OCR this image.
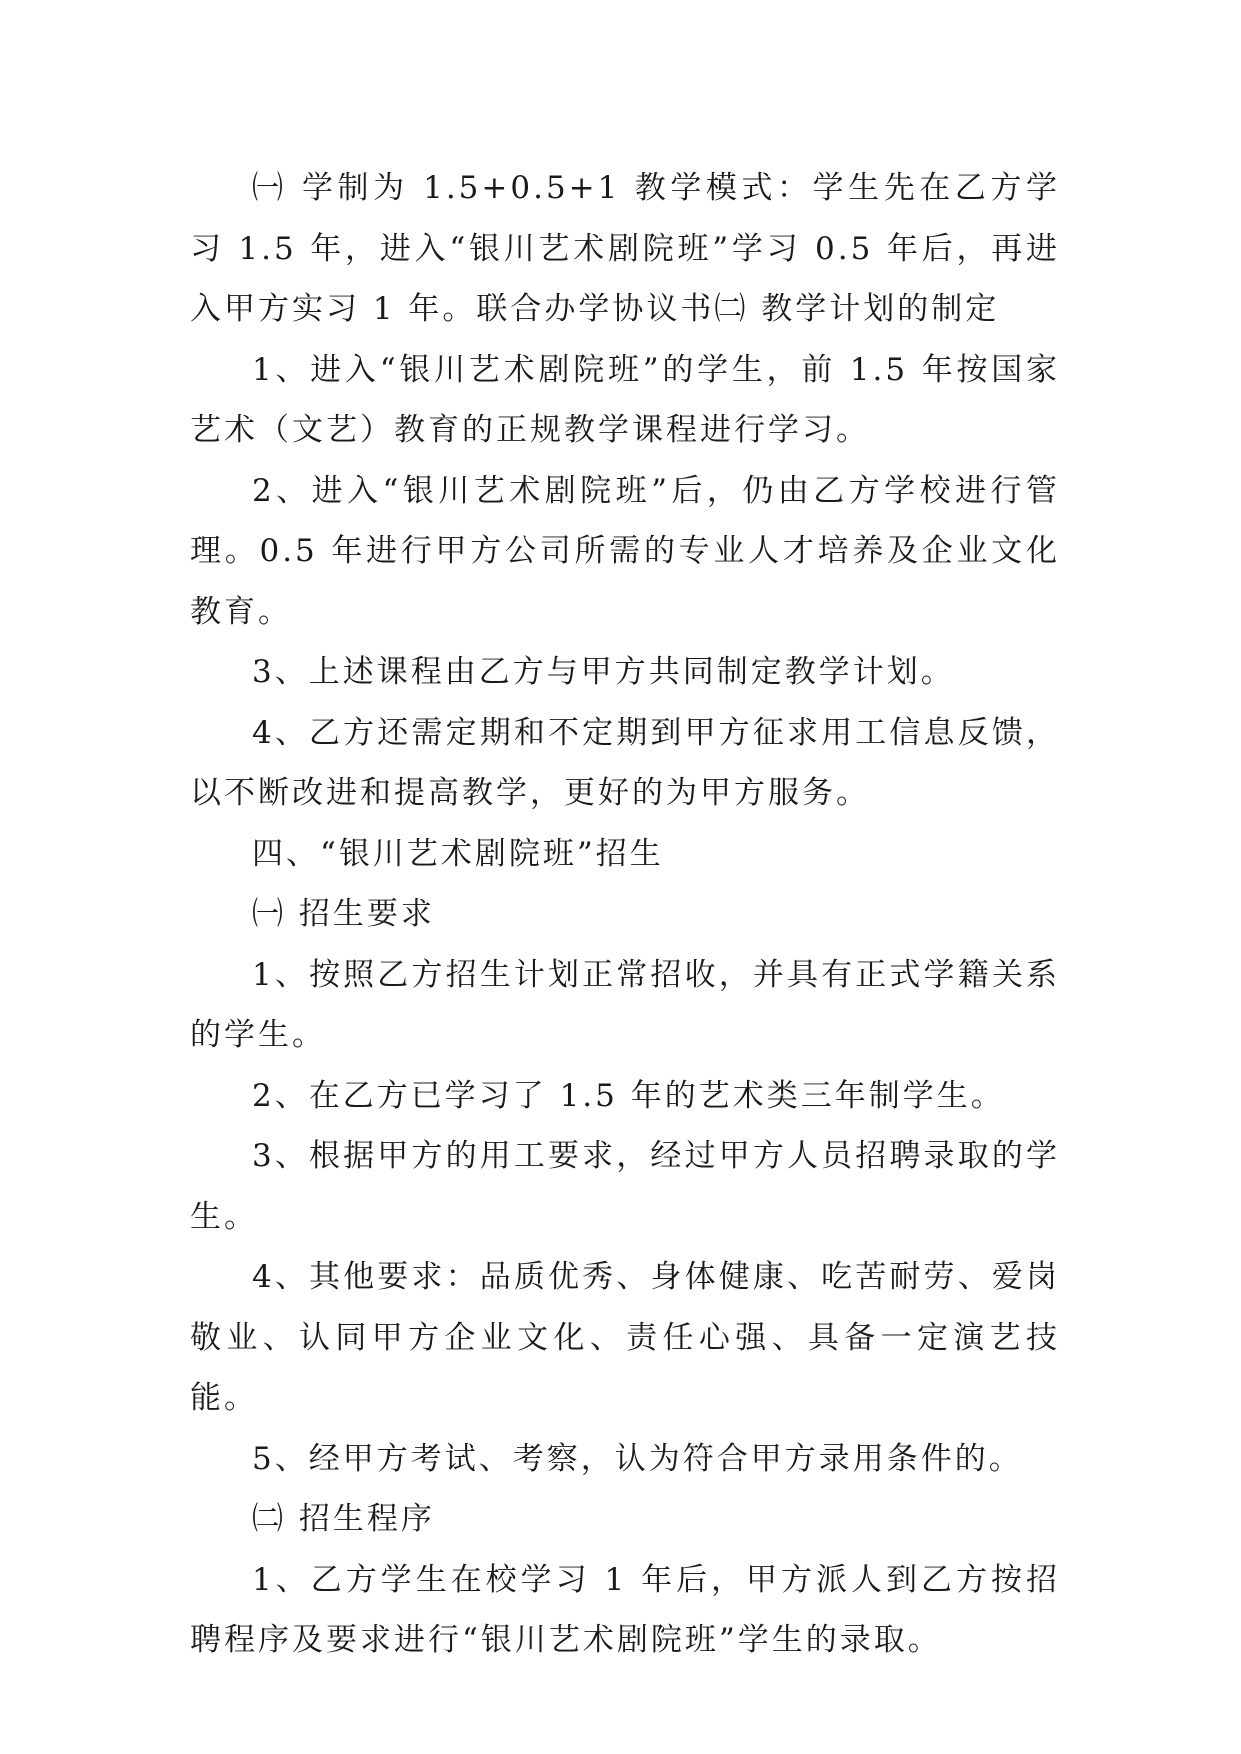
㈠ 学制为 1.5+0.5+1 教学模式：学生先在乙方学习 1.5 年，进入“银川艺术剧院班”学习 0.5 年后，再进入甲方实习 1 年。联合办学协议书㈡ 教学计划的制定

1、进入“银川艺术剧院班”的学生，前 1.5 年按国家艺术（文艺）教育的正规教学课程进行学习。

2、进入“银川艺术剧院班”后，仍由乙方学校进行管理。0.5 年进行甲方公司所需的专业人才培养及企业文化教育。

3、上述课程由乙方与甲方共同制定教学计划。

4、乙方还需定期和不定期到甲方征求用工信息反馈，以不断改进和提高教学，更好的为甲方服务。

四、“银川艺术剧院班”招生

㈠ 招生要求

1、按照乙方招生计划正常招收，并具有正式学籍关系的学生。

2、在乙方已学习了 1.5 年的艺术类三年制学生。

3、根据甲方的用工要求，经过甲方人员招聘录取的学生。

4、其他要求：品质优秀、身体健康、吃苦耐劳、爱岗敬业、认同甲方企业文化、责任心强、具备一定演艺技能。

5、经甲方考试、考察，认为符合甲方录用条件的。

㈡ 招生程序

1、乙方学生在校学习 1 年后，甲方派人到乙方按招聘程序及要求进行“银川艺术剧院班”学生的录取。
